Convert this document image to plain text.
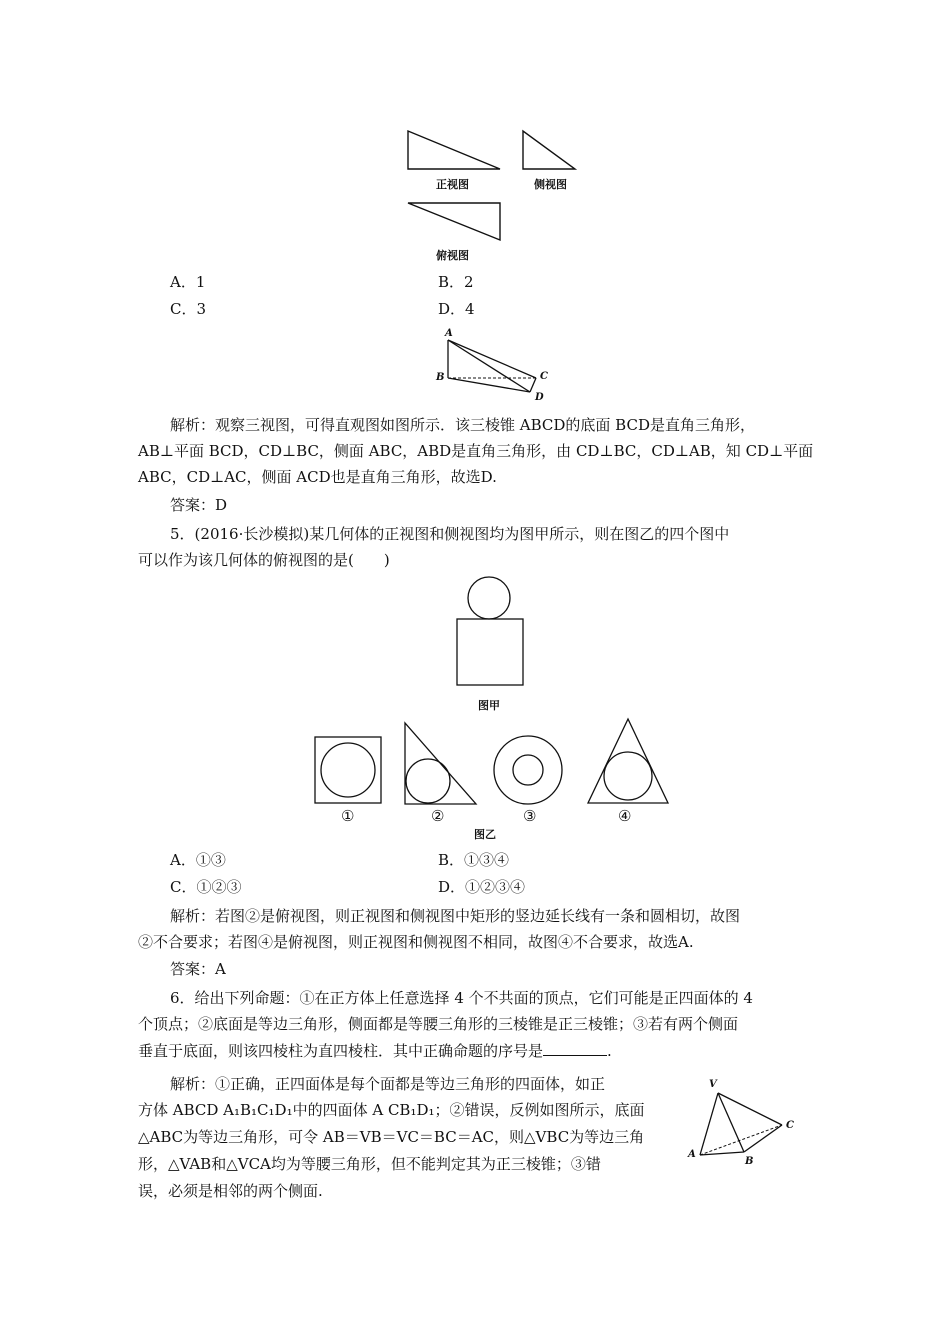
正视图	侧视图
俯视图
A．1	B．2
C．3	D．4
A
B	C
D
解析：观察三视图，可得直观图如图所示．该三棱锥 ABCD的底面 BCD是直角三角形，
AB⊥平面 BCD，CD⊥BC，侧面 ABC，ABD是直角三角形，由 CD⊥BC，CD⊥AB，知 CD⊥平面
ABC，CD⊥AC，侧面 ACD也是直角三角形，故选D.
答案：D
5．(2016·长沙模拟)某几何体的正视图和侧视图均为图甲所示，则在图乙的四个图中
可以作为该几何体的俯视图的是(　　)
图甲
①	②	③	④
图乙
A．①③	B．①③④
C．①②③	D．①②③④
解析：若图②是俯视图，则正视图和侧视图中矩形的竖边延长线有一条和圆相切，故图
②不合要求；若图④是俯视图，则正视图和侧视图不相同，故图④不合要求，故选A.
答案：A
6．给出下列命题：①在正方体上任意选择 4 个不共面的顶点，它们可能是正四面体的 4
个顶点；②底面是等边三角形，侧面都是等腰三角形的三棱锥是正三棱锥；③若有两个侧面
垂直于底面，则该四棱柱为直四棱柱．其中正确命题的序号是	.
解析：①正确，正四面体是每个面都是等边三角形的四面体，如正
方体 ABCD A₁B₁C₁D₁中的四面体 A CB₁D₁；②错误，反例如图所示，底面
△ABC为等边三角形，可令 AB＝VB＝VC＝BC＝AC，则△VBC为等边三角
形，△VAB和△VCA均为等腰三角形，但不能判定其为正三棱锥；③错
误，必须是相邻的两个侧面.
V
A
B
C
